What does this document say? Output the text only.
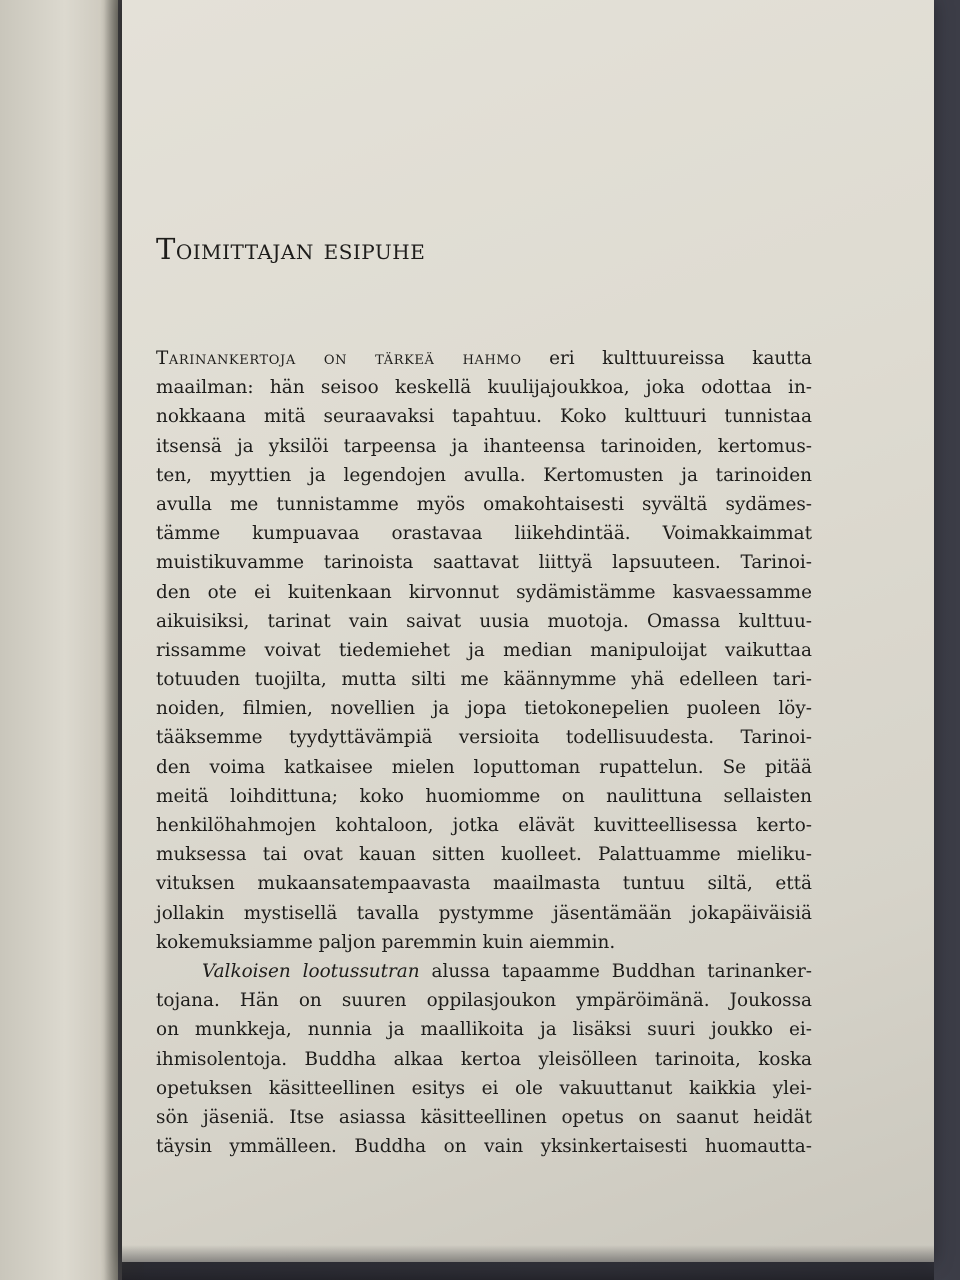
Toimittajan esipuhe
Tarinankertoja on tärkeä hahmo eri kulttuureissa kautta
maailman: hän seisoo keskellä kuulijajoukkoa, joka odottaa in-
nokkaana mitä seuraavaksi tapahtuu. Koko kulttuuri tunnistaa
itsensä ja yksilöi tarpeensa ja ihanteensa tarinoiden, kertomus-
ten, myyttien ja legendojen avulla. Kertomusten ja tarinoiden
avulla me tunnistamme myös omakohtaisesti syvältä sydämes-
tämme kumpuavaa orastavaa liikehdintää. Voimakkaimmat
muistikuvamme tarinoista saattavat liittyä lapsuuteen. Tarinoi-
den ote ei kuitenkaan kirvonnut sydämistämme kasvaessamme
aikuisiksi, tarinat vain saivat uusia muotoja. Omassa kulttuu-
rissamme voivat tiedemiehet ja median manipuloijat vaikuttaa
totuuden tuojilta, mutta silti me käännymme yhä edelleen tari-
noiden, filmien, novellien ja jopa tietokonepelien puoleen löy-
tääksemme tyydyttävämpiä versioita todellisuudesta. Tarinoi-
den voima katkaisee mielen loputtoman rupattelun. Se pitää
meitä loihdittuna; koko huomiomme on naulittuna sellaisten
henkilöhahmojen kohtaloon, jotka elävät kuvitteellisessa kerto-
muksessa tai ovat kauan sitten kuolleet. Palattuamme mieliku-
vituksen mukaansatempaavasta maailmasta tuntuu siltä, että
jollakin mystisellä tavalla pystymme jäsentämään jokapäiväisiä
kokemuksiamme paljon paremmin kuin aiemmin.
Valkoisen lootussutran alussa tapaamme Buddhan tarinanker-
tojana. Hän on suuren oppilasjoukon ympäröimänä. Joukossa
on munkkeja, nunnia ja maallikoita ja lisäksi suuri joukko ei-
ihmisolentoja. Buddha alkaa kertoa yleisölleen tarinoita, koska
opetuksen käsitteellinen esitys ei ole vakuuttanut kaikkia ylei-
sön jäseniä. Itse asiassa käsitteellinen opetus on saanut heidät
täysin ymmälleen. Buddha on vain yksinkertaisesti huomautta-
